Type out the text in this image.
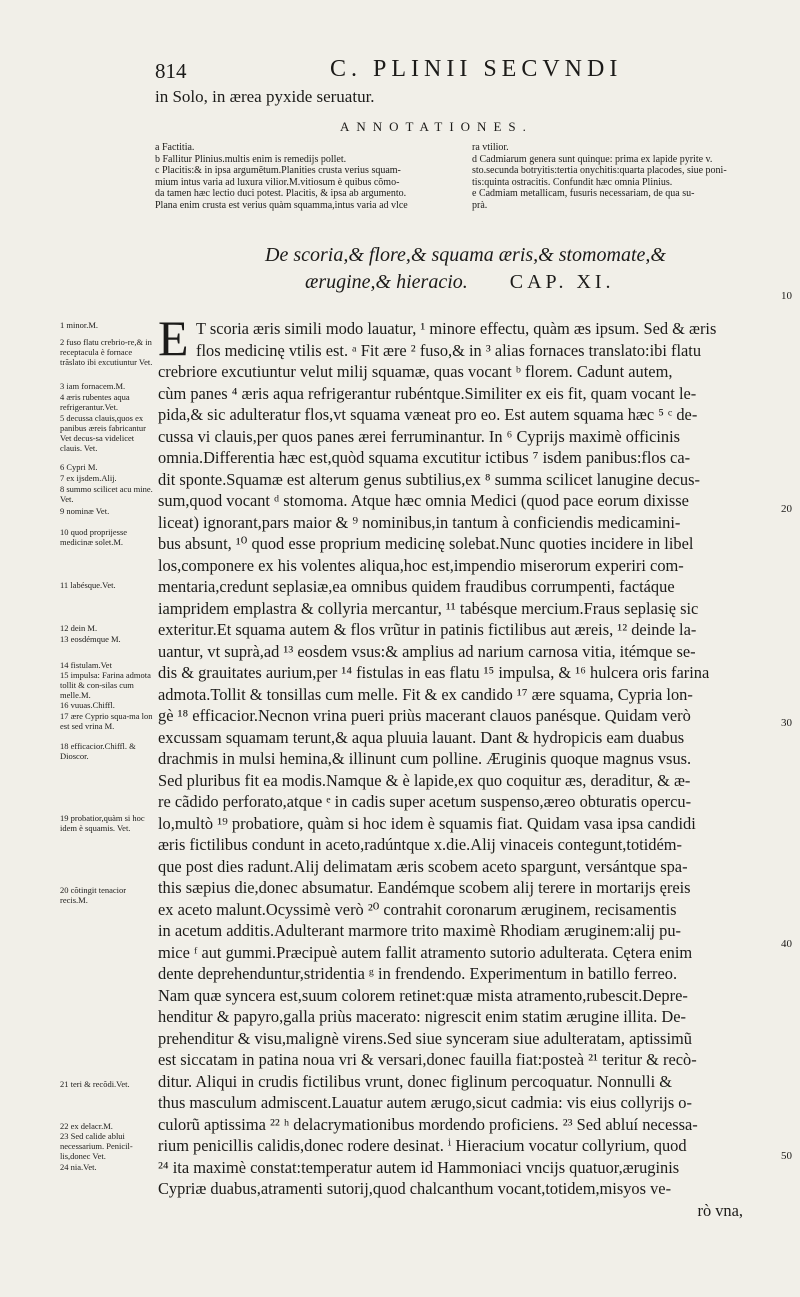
814	C. PLINII SECVNDI
in Solo, in ærea pyxide seruatur.
ANNOTATIONES.

a Factitia.

b Fallitur Plinius.multis enim is remedijs pollet.

c Placitis:& in ipsa argumẽtum.Planities crusta verius squam-

mium intus varia ad luxura vilior.M.vitiosum è quibus cõmo-

da tamen hæc lectio duci potest. Placitis, & ipsa ab argumento.

Plana enim crusta est verius quàm squamma,intus varia ad vlce

ra vtilior.

d Cadmiarum genera sunt quinque: prima ex lapide pyrite v.

sto.secunda botryitis:tertia onychitis:quarta placodes, siue poni-

tis:quinta ostracitis. Confundit hæc omnia Plinius.

e Cadmiam metallicam, fusuris necessariam, de qua su-

prà.

De scoria,& flore,& squama æris,& stomomate,&

ærugine,& hieracio. CAP. XI.

E T scoria æris simili modo lauatur, ¹ minore effectu, quàm æs ipsum. Sed & æris

flos medicinę vtilis est. ᵃ Fit ære ² fuso,& in ³ alias fornaces translato:ibi flatu

crebriore excutiuntur velut milij squamæ, quas vocant ᵇ florem. Cadunt autem,

cùm panes ⁴ æris aqua refrigerantur rubéntque.Similiter ex eis fit, quam vocant le-

pida,& sic adulteratur flos,vt squama væneat pro eo. Est autem squama hæc ⁵ ᶜ de-

cussa vi clauis,per quos panes ærei ferruminantur. In ⁶ Cyprijs maximè officinis

omnia.Differentia hæc est,quòd squama excutitur ictibus ⁷ isdem panibus:flos ca-

dit sponte.Squamæ est alterum genus subtilius,ex ⁸ summa scilicet lanugine decus-

sum,quod vocant ᵈ stomoma. Atque hæc omnia Medici (quod pace eorum dixisse

liceat) ignorant,pars maior & ⁹ nominibus,in tantum à conficiendis medicamini-

bus absunt, ¹⁰ quod esse proprium medicinę solebat.Nunc quoties incidere in libel

los,componere ex his volentes aliqua,hoc est,impendio miserorum experiri com-

mentaria,credunt seplasiæ,ea omnibus quidem fraudibus corrumpenti, factáque

iampridem emplastra & collyria mercantur, ¹¹ tabésque mercium.Fraus seplasię sic

exteritur.Et squama autem & flos vrũtur in patinis fictilibus aut æreis, ¹² deinde la-

uantur, vt suprà,ad ¹³ eosdem vsus:& amplius ad narium carnosa vitia, itémque se-

dis & grauitates aurium,per ¹⁴ fistulas in eas flatu ¹⁵ impulsa, & ¹⁶ hulcera oris farina

admota.Tollit & tonsillas cum melle. Fit & ex candido ¹⁷ ære squama, Cypria lon-

gè ¹⁸ efficacior.Necnon vrina pueri priùs macerant clauos panésque. Quidam verò

excussam squamam terunt,& aqua pluuia lauant. Dant & hydropicis eam duabus

drachmis in mulsi hemina,& illinunt cum polline. Æruginis quoque magnus vsus.

Sed pluribus fit ea modis.Namque & è lapide,ex quo coquitur æs, deraditur, & æ-

re cãdido perforato,atque ᵉ in cadis super acetum suspenso,æreo obturatis opercu-

lo,multò ¹⁹ probatiore, quàm si hoc idem è squamis fiat. Quidam vasa ipsa candidi

æris fictilibus condunt in aceto,radúntque x.die.Alij vinaceis contegunt,totidém-

que post dies radunt.Alij delimatam æris scobem aceto spargunt, versántque spa-

this sæpius die,donec absumatur. Eandémque scobem alij terere in mortarijs ęreis

ex aceto malunt.Ocyssimè verò ²⁰ contrahit coronarum æruginem, recisamentis

in acetum additis.Adulterant marmore trito maximè Rhodiam æruginem:alij pu-

mice ᶠ aut gummi.Præcipuè autem fallit atramento sutorio adulterata. Cętera enim

dente deprehenduntur,stridentia ᵍ in frendendo. Experimentum in batillo ferreo.

Nam quæ syncera est,suum colorem retinet:quæ mista atramento,rubescit.Depre-

henditur & papyro,galla priùs macerato: nigrescit enim statim ærugine illita. De-

prehenditur & visu,malignè virens.Sed siue synceram siue adulteratam, aptissimũ

est siccatam in patina noua vri & versari,donec fauilla fiat:posteà ²¹ teritur & recò-

ditur. Aliqui in crudis fictilibus vrunt, donec figlinum percoquatur. Nonnulli &

thus masculum admiscent.Lauatur autem ærugo,sicut cadmia: vis eius collyrijs o-

culorũ aptissima ²² ʰ delacrymationibus mordendo proficiens. ²³ Sed abluí necessa-

rium penicillis calidis,donec rodere desinat. ⁱ Hieracium vocatur collyrium, quod

²⁴ ita maximè constat:temperatur autem id Hammoniaci vncijs quatuor,æruginis

Cypriæ duabus,atramenti sutorij,quod chalcanthum vocant,totidem,misyos ve-

rò vna,

10
20
30
40
50
1 minor.M.
2 fuso flatu crebrio-re,& in receptacula è fornace trãslato ibi excutiuntur Vet.
3 iam fornacem.M.
4 æris rubentes aqua refrigerantur.Vet.
5 decussa clauis,quos ex panibus æreis fabricantur Vet decus-sa videlicet clauis. Vet.
6 Cypri M.
7 ex ijsdem.Alij.
8 summo scilicet acu mine. Vet.
9 nominæ Vet.
10 quod proprijesse medicinæ solet.M.
11 labésque.Vet.
12 dein M.
13 eosdémque M.
14 fistulam.Vet
15 impulsa: Farina admota tollit & con-silas cum melle.M.
16 vuuas.Chiffl.
17 ære Cyprio squa-ma lon est sed vrina M.
18 efficacior.Chiffl. & Dioscor.
19 probatior,quàm si hoc idem è squamis. Vet.
20 cõtingit tenacior recis.M.
21 teri & recõdi.Vet.
22 ex delacr.M.
23 Sed calide ablui necessarium. Penicil-lis,donec Vet.
24 nia.Vet.
